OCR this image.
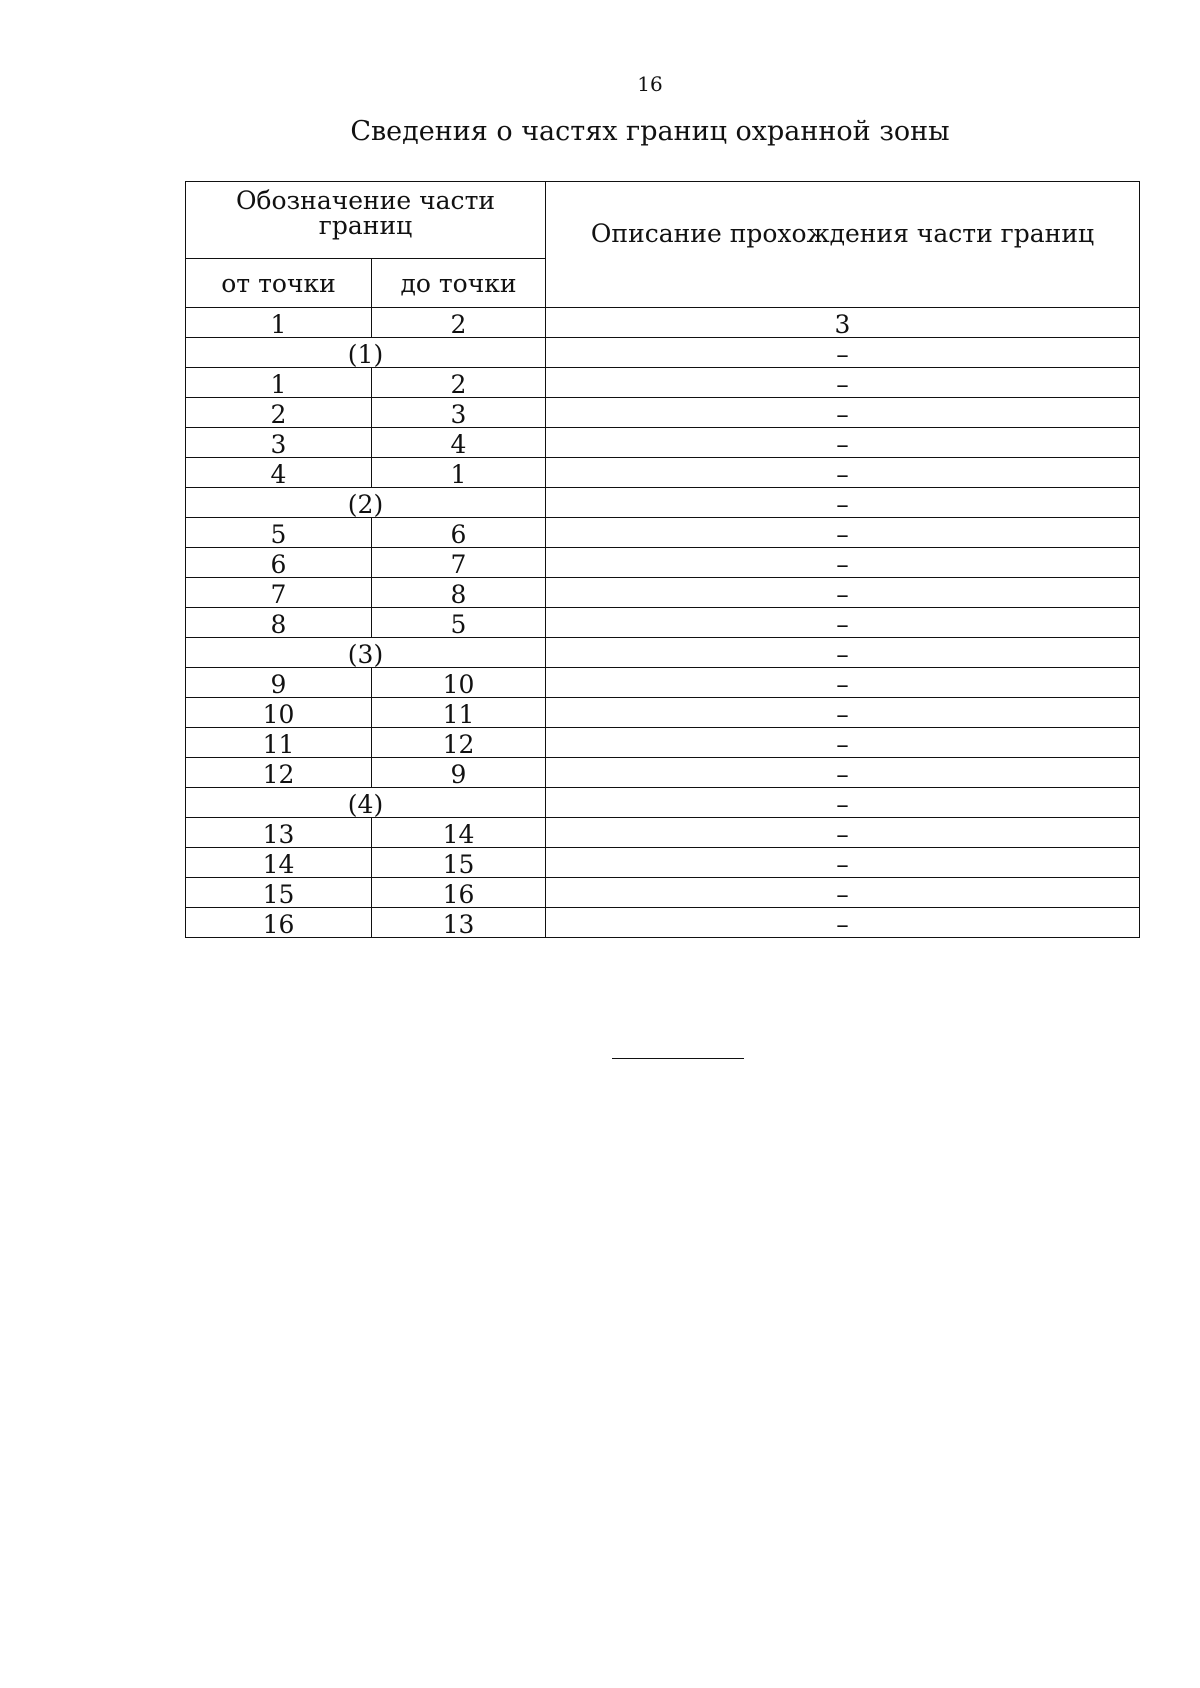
16
Сведения о частях границ охранной зоны
Обозначение части границ		Описание прохождения части границ
от точки	до точки	
1	2	3
(1)		–
1	2	–
2	3	–
3	4	–
4	1	–
(2)		–
5	6	–
6	7	–
7	8	–
8	5	–
(3)		–
9	10	–
10	11	–
11	12	–
12	9	–
(4)		–
13	14	–
14	15	–
15	16	–
16	13	–
